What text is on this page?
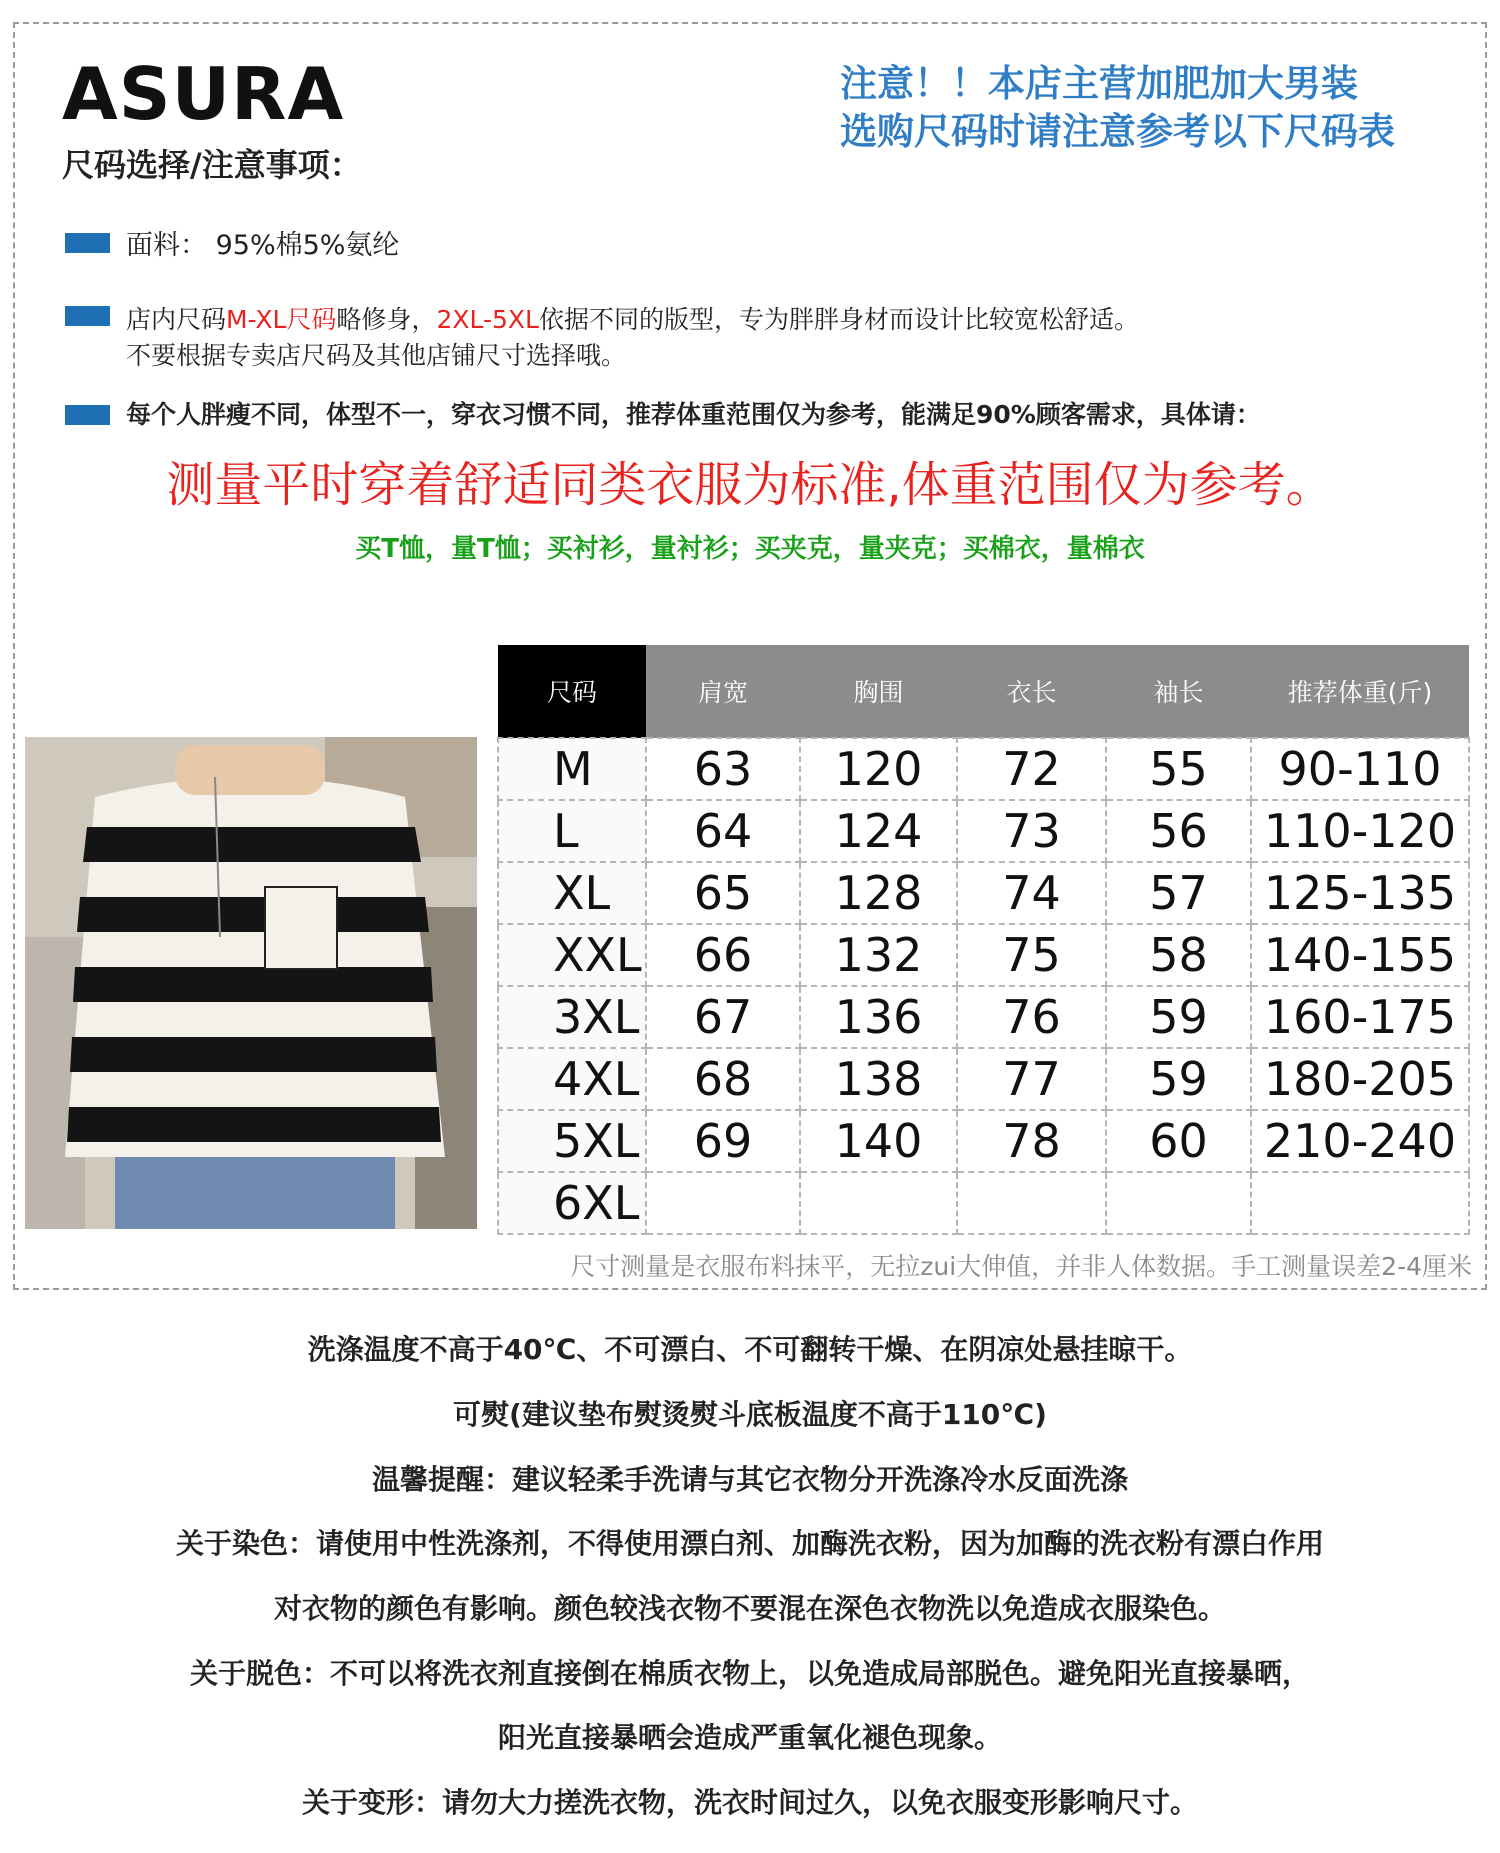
ASURA
尺码选择/注意事项：
注意！！本店主营加肥加大男装
选购尺码时请注意参考以下尺码表
面料： 95%棉5%氨纶
店内尺码M-XL尺码略修身，2XL-5XL依据不同的版型，专为胖胖身材而设计比较宽松舒适。
不要根据专卖店尺码及其他店铺尺寸选择哦。
每个人胖瘦不同，体型不一，穿衣习惯不同，推荐体重范围仅为参考，能满足90%顾客需求，具体请：
测量平时穿着舒适同类衣服为标准,体重范围仅为参考。
买T恤，量T恤；买衬衫，量衬衫；买夹克，量夹克；买棉衣，量棉衣
尺码	肩宽	胸围	衣长	袖长	推荐体重(斤)
M	63	120	72	55	90-110
L	64	124	73	56	110-120
XL	65	128	74	57	125-135
XXL	66	132	75	58	140-155
3XL	67	136	76	59	160-175
4XL	68	138	77	59	180-205
5XL	69	140	78	60	210-240
6XL					
尺寸测量是衣服布料抹平，无拉zui大伸值，并非人体数据。手工测量误差2-4厘米
洗涤温度不高于40℃、不可漂白、不可翻转干燥、在阴凉处悬挂晾干。
可熨(建议垫布熨烫熨斗底板温度不高于110℃)
温馨提醒：建议轻柔手洗请与其它衣物分开洗涤冷水反面洗涤
关于染色：请使用中性洗涤剂，不得使用漂白剂、加酶洗衣粉，因为加酶的洗衣粉有漂白作用
对衣物的颜色有影响。颜色较浅衣物不要混在深色衣物洗以免造成衣服染色。
关于脱色：不可以将洗衣剂直接倒在棉质衣物上，以免造成局部脱色。避免阳光直接暴晒，
阳光直接暴晒会造成严重氧化褪色现象。
关于变形：请勿大力搓洗衣物，洗衣时间过久，以免衣服变形影响尺寸。
